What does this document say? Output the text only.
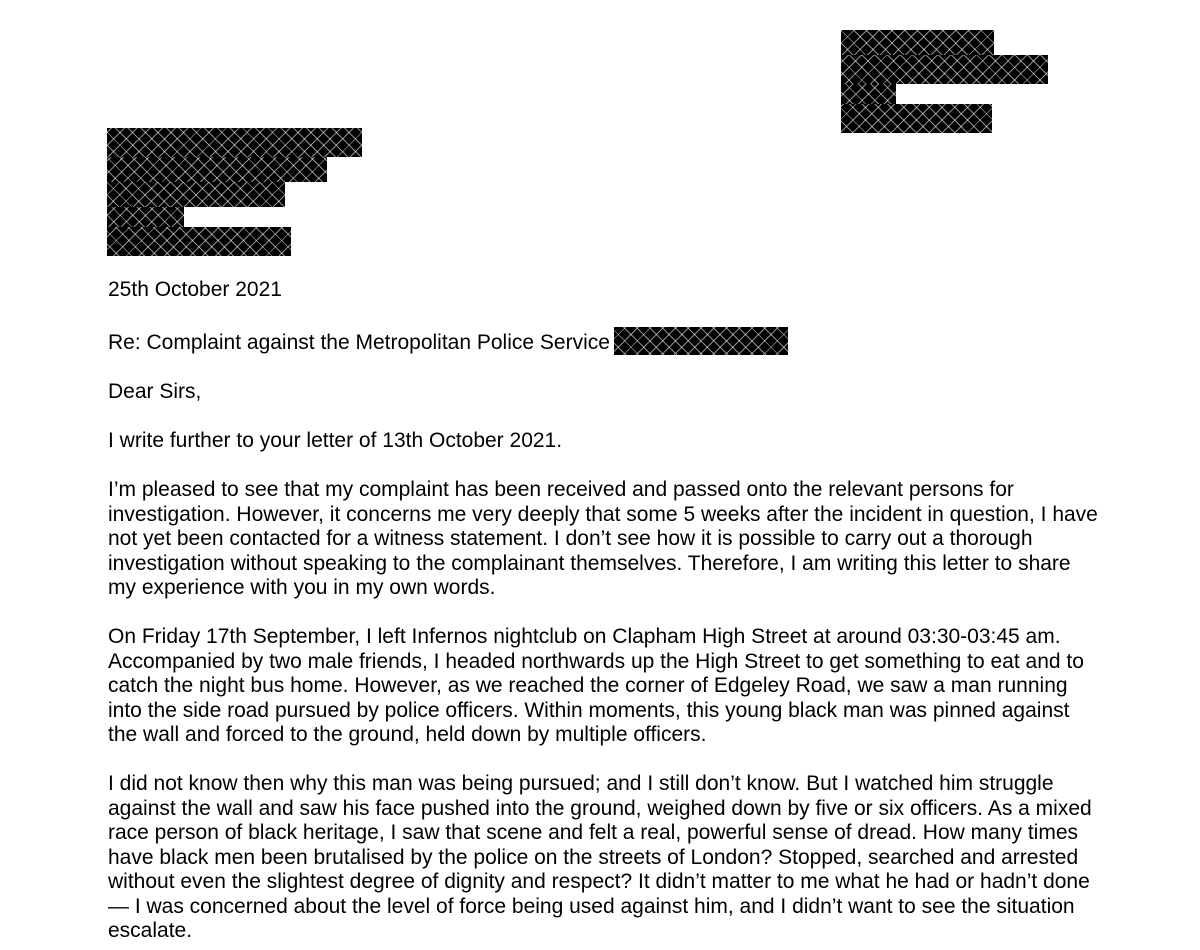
25th October 2021

Re: Complaint against the Metropolitan Police Service

Dear Sirs,

I write further to your letter of 13th October 2021.

I’m pleased to see that my complaint has been received and passed onto the relevant persons for investigation. However, it concerns me very deeply that some 5 weeks after the incident in question, I have not yet been contacted for a witness statement. I don’t see how it is possible to carry out a thorough investigation without speaking to the complainant themselves. Therefore, I am writing this letter to share my experience with you in my own words.

On Friday 17th September, I left Infernos nightclub on Clapham High Street at around 03:30-03:45 am. Accompanied by two male friends, I headed northwards up the High Street to get something to eat and to catch the night bus home. However, as we reached the corner of Edgeley Road, we saw a man running into the side road pursued by police officers. Within moments, this young black man was pinned against the wall and forced to the ground, held down by multiple officers.

I did not know then why this man was being pursued; and I still don’t know. But I watched him struggle against the wall and saw his face pushed into the ground, weighed down by five or six officers. As a mixed race person of black heritage, I saw that scene and felt a real, powerful sense of dread. How many times have black men been brutalised by the police on the streets of London? Stopped, searched and arrested without even the slightest degree of dignity and respect? It didn’t matter to me what he had or hadn’t done — I was concerned about the level of force being used against him, and I didn’t want to see the situation escalate.
